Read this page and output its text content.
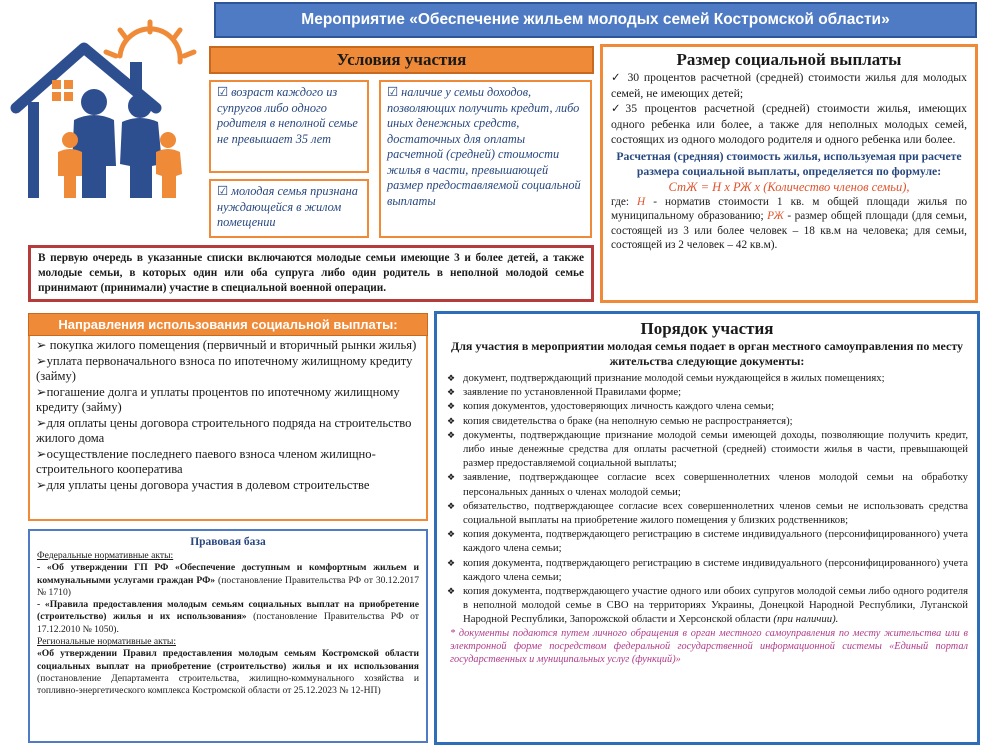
Мероприятие «Обеспечение жильем молодых семей Костромской области»
Условия участия
☑ возраст каждого из супругов либо одного родителя в неполной семье не превышает 35 лет
☑ молодая семья признана нуждающейся в жилом помещении
☑ наличие у семьи доходов, позволяющих получить кредит, либо иных денежных средств, достаточных для оплаты расчетной (средней) стоимости жилья в части, превышающей размер предоставляемой социальной выплаты
В первую очередь в указанные списки включаются молодые семьи имеющие 3 и более детей, а также молодые семьи, в которых один или оба супруга либо один родитель в неполной молодой семье принимают (принимали) участие в специальной военной операции.
Размер социальной выплаты
✓ 30 процентов расчетной (средней) стоимости жилья для молодых семей, не имеющих детей;
✓35 процентов расчетной (средней) стоимости жилья, имеющих одного ребенка или более, а также для неполных молодых семей, состоящих из одного молодого родителя и одного ребенка или более.
Расчетная (средняя) стоимость жилья, используемая при расчете размера социальной выплаты, определяется по формуле:
СтЖ = Н х РЖ х (Количество членов семьи),
где: Н - норматив стоимости 1 кв. м общей площади жилья по муниципальному образованию; РЖ - размер общей площади (для семьи, состоящей из 3 или более человек – 18 кв.м на человека; для семьи, состоящей из 2 человек – 42 кв.м).
Направления использования социальной выплаты:
➢ покупка жилого помещения (первичный и вторичный рынки жилья)
➢уплата первоначального взноса по ипотечному жилищному кредиту (займу)
➢погашение долга и уплаты процентов по ипотечному жилищному кредиту (займу)
➢для оплаты цены договора строительного подряда на строительство жилого дома
➢осуществление последнего паевого взноса членом жилищно-строительного кооператива
➢для уплаты цены договора участия в долевом строительстве
Правовая база
Федеральные нормативные акты:
- «Об утверждении ГП РФ «Обеспечение доступным и комфортным жильем и коммунальными услугами граждан РФ» (постановление Правительства РФ от 30.12.2017 № 1710)
- «Правила предоставления молодым семьям социальных выплат на приобретение (строительство) жилья и их использования» (постановление Правительства РФ от 17.12.2010 № 1050).
Региональные нормативные акты:
«Об утверждении Правил предоставления молодым семьям Костромской области социальных выплат на приобретение (строительство) жилья и их использования (постановление Департамента строительства, жилищно-коммунального хозяйства и топливно-энергетического комплекса Костромской области от 25.12.2023 № 12-НП)
Порядок участия
Для участия в мероприятии молодая семья подает в орган местного самоуправления по месту жительства следующие документы:
❖ документ, подтверждающий признание молодой семьи нуждающейся в жилых помещениях;
❖ заявление по установленной Правилами форме;
❖ копия документов, удостоверяющих личность каждого члена семьи;
❖ копия свидетельства о браке (на неполную семью не распространяется);
❖ документы, подтверждающие признание молодой семьи имеющей доходы, позволяющие получить кредит, либо иные денежные средства для оплаты расчетной (средней) стоимости жилья в части, превышающей размер предоставляемой социальной выплаты;
❖ заявление, подтверждающее согласие всех совершеннолетних членов молодой семьи на обработку персональных данных о членах молодой семьи;
❖ обязательство, подтверждающее согласие всех совершеннолетних членов семьи не использовать средства социальной выплаты на приобретение жилого помещения у близких родственников;
❖ копия документа, подтверждающего регистрацию в системе индивидуального (персонифицированного) учета каждого члена семьи;
❖ копия документа, подтверждающего регистрацию в системе индивидуального (персонифицированного) учета каждого члена семьи;
❖ копия документа, подтверждающего участие одного или обоих супругов молодой семьи либо одного родителя в неполной молодой семье в СВО на территориях Украины, Донецкой Народной Республики, Луганской Народной Республики, Запорожской области и Херсонской области (при наличии).
* документы подаются путем личного обращения в орган местного самоуправления по месту жительства или в электронной форме посредством федеральной государственной информационной системы «Единый портал государственных и муниципальных услуг (функций)»
